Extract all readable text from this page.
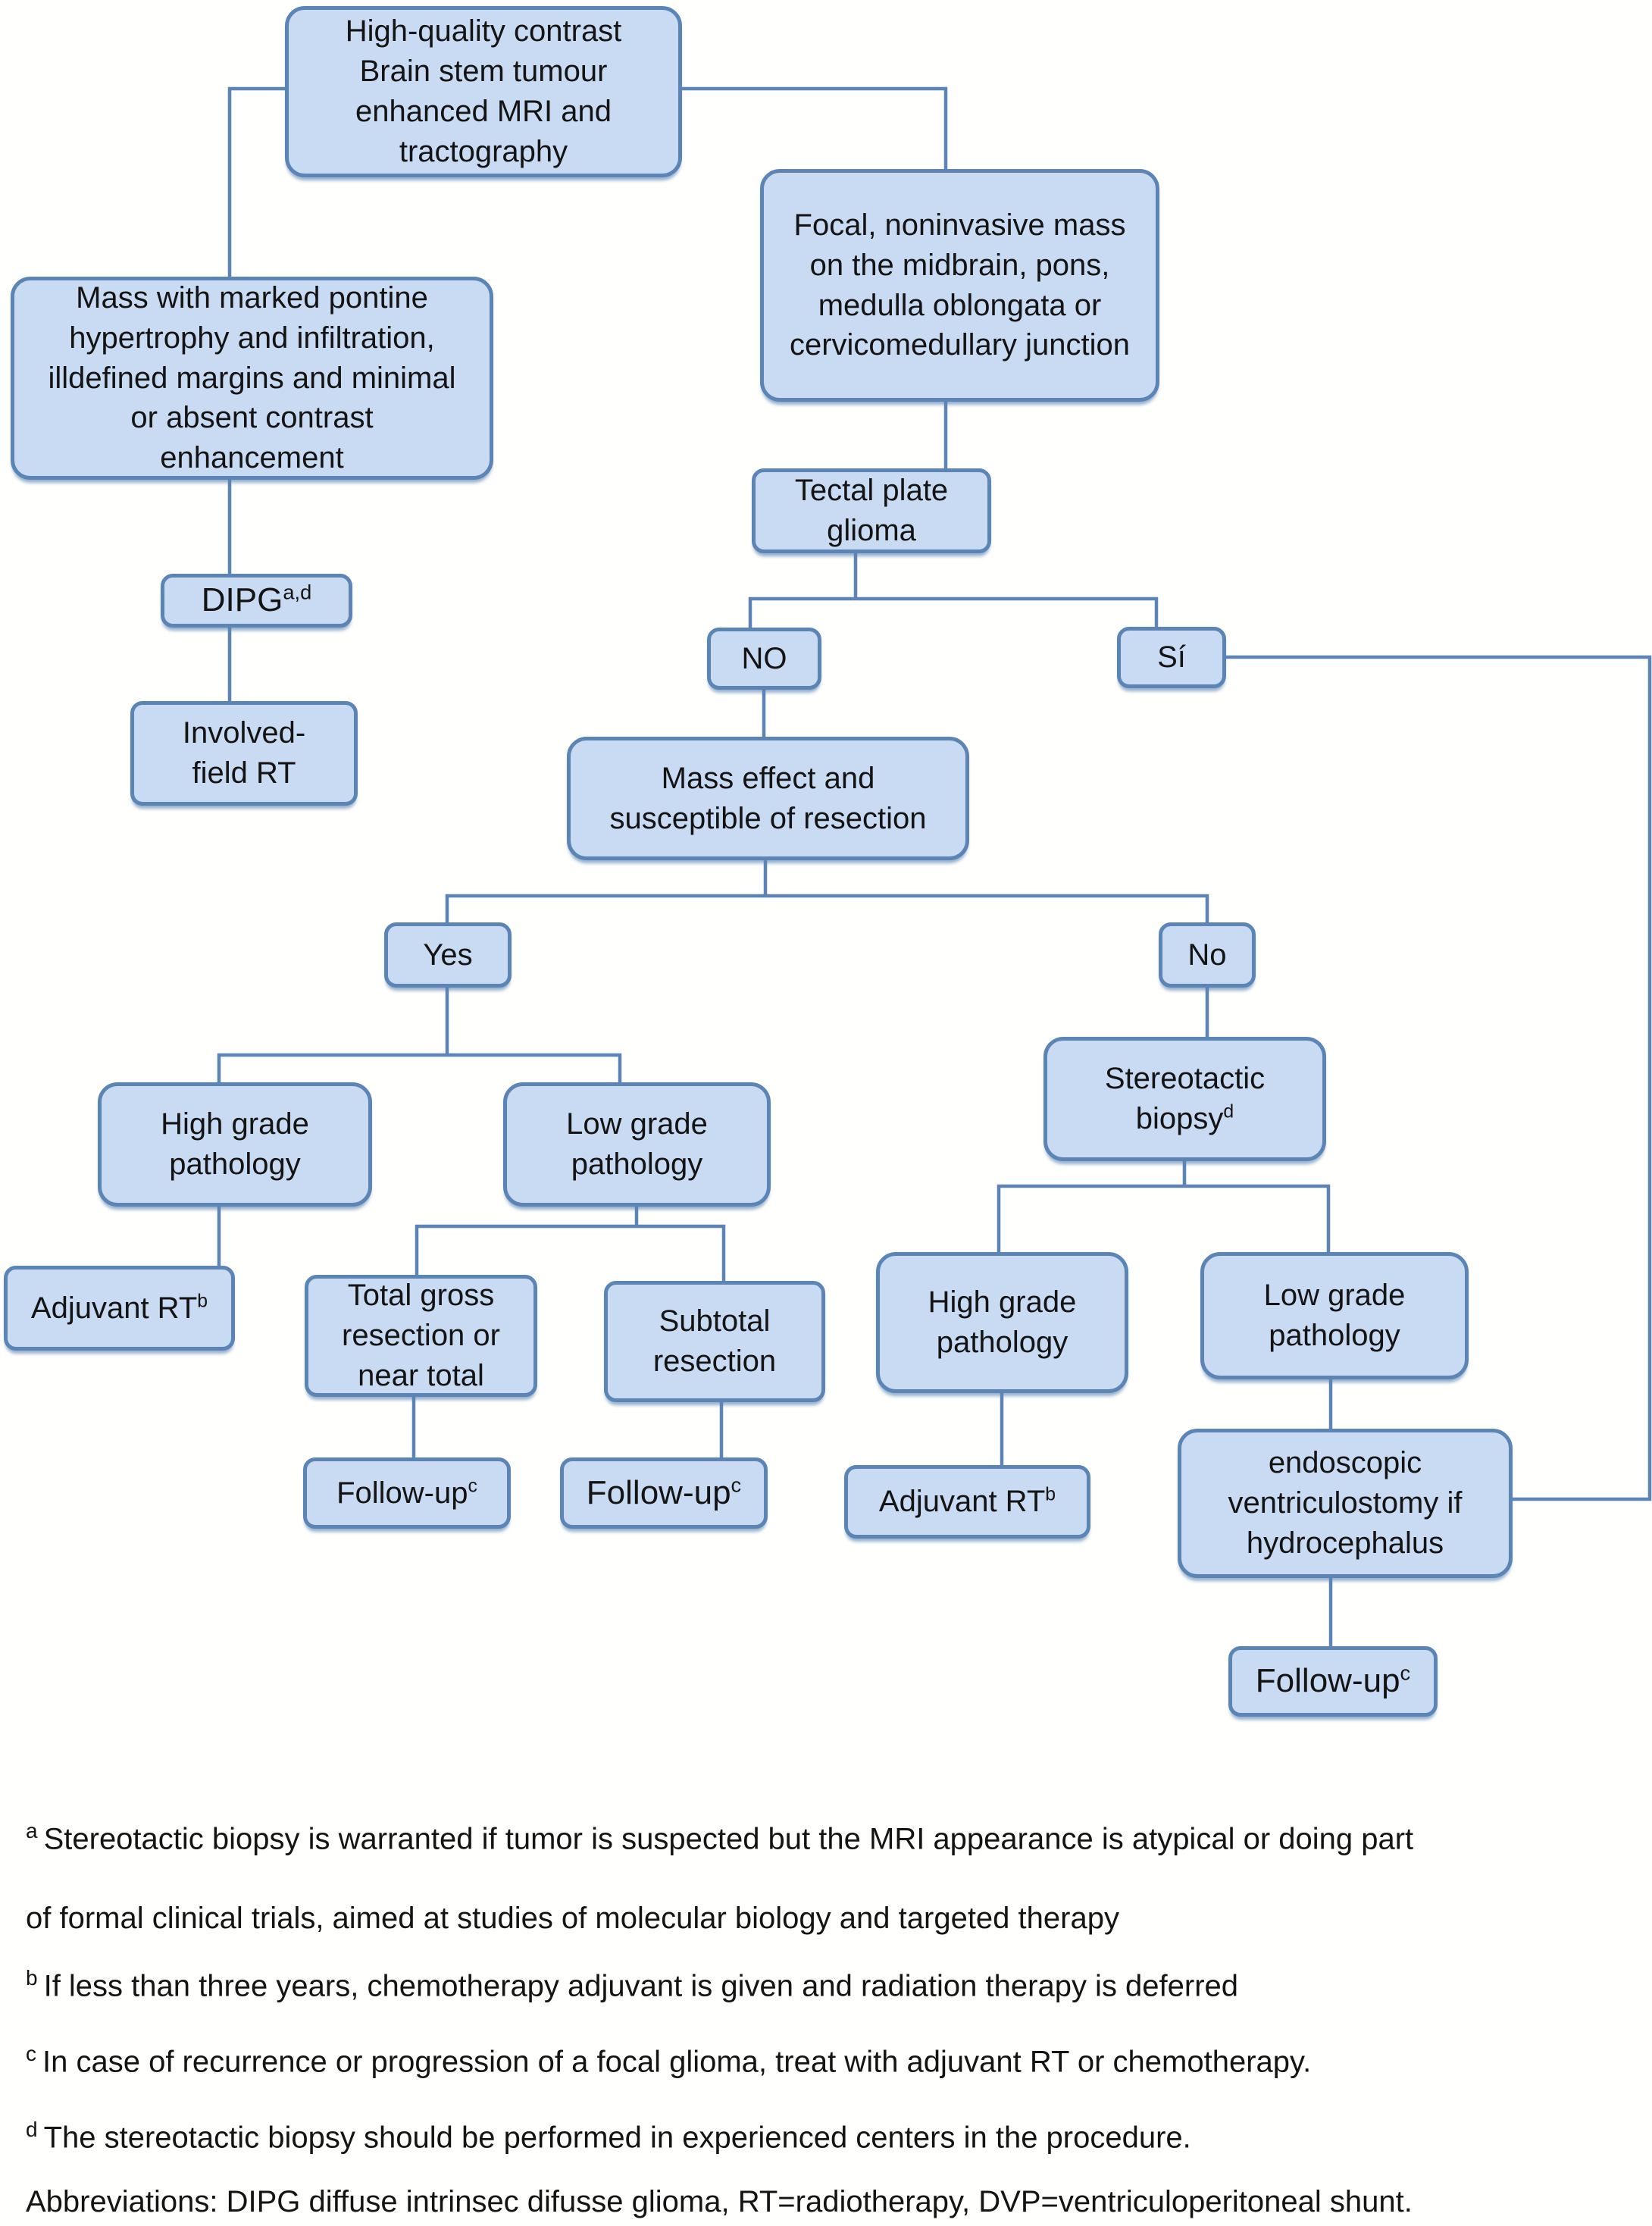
High-quality contrast Brain stem tumour enhanced MRI and tractography
Mass with marked pontine hypertrophy and infiltration, illdefined margins and minimal or absent contrast enhancement
Focal, noninvasive mass on the midbrain, pons, medulla oblongata or cervicomedullary junction
DIPG$^{a,d}$
Tectal plate glioma
Involved-field RT
NO	Sí
Mass effect and susceptible of resection
Yes	No
High grade pathology
Low grade pathology
Stereotactic biopsy$^d$
Adjuvant $RT^b$	Total gross resection or near total
Subtotal resection
High grade pathology
Low grade pathology
Follow-$up^c$	Follow-$up^c$
Adjuvant $RT^b$
endoscopic ventriculostomy if hydrocephalus
Follow-$up^c$
$^a$ Stereotactic biopsy is warranted if tumor is suspected but the MRI appearance is atypical or doing part
of formal clinical trials, aimed at studies of molecular biology and targeted therapy
$^b$ If less than three years, chemotherapy adjuvant is given and radiation therapy is deferred
$^c$ In case of recurrence or progression of a focal glioma, treat with adjuvant RT or chemotherapy.
$^d$ The stereotactic biopsy should be performed in experienced centers in the procedure.
Abbreviations: DIPG diffuse intrinsec difusse glioma, RT=radiotherapy, DVP=ventriculoperitoneal shunt.
